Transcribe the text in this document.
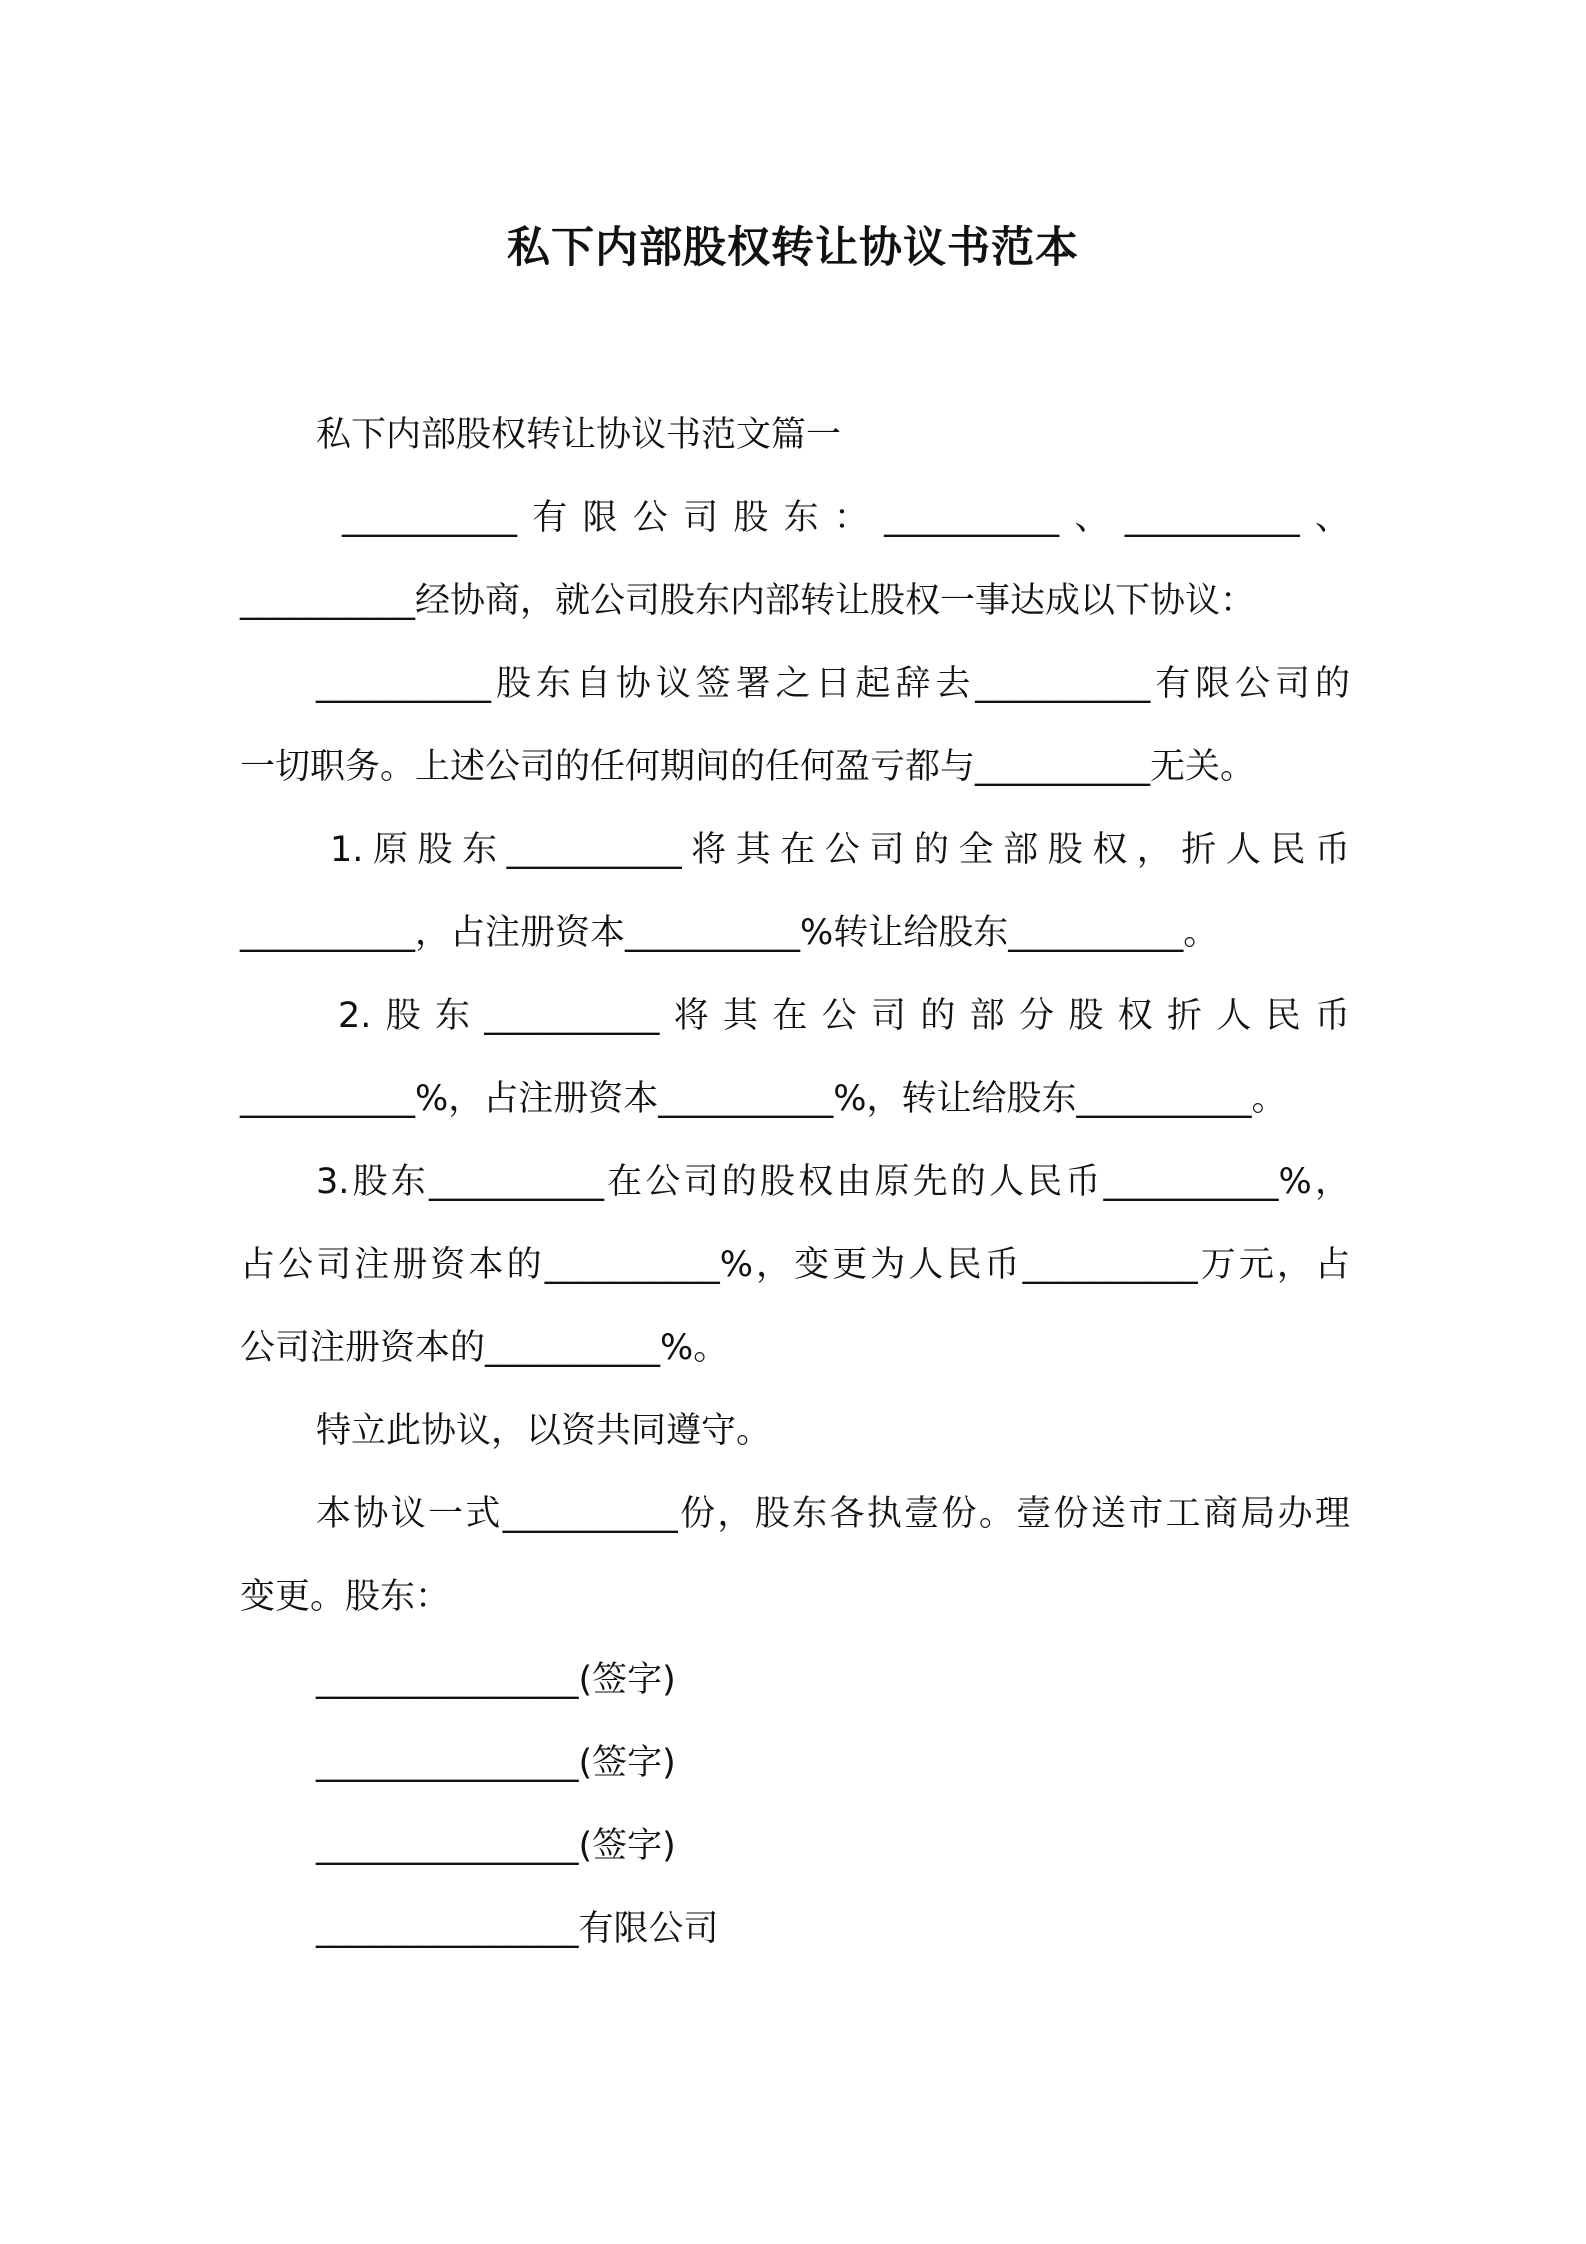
私下内部股权转让协议书范本
私下内部股权转让协议书范文篇一
__________有限公司股东：__________、__________、
__________经协商，就公司股东内部转让股权一事达成以下协议：
__________股东自协议签署之日起辞去__________有限公司的
一切职务。上述公司的任何期间的任何盈亏都与__________无关。
1.原股东__________将其在公司的全部股权，折人民币
__________，占注册资本__________%转让给股东__________。
2.股东__________将其在公司的部分股权折人民币
__________%，占注册资本__________%，转让给股东__________。
3.股东__________在公司的股权由原先的人民币__________%，
占公司注册资本的__________%，变更为人民币__________万元，占
公司注册资本的__________%。
特立此协议，以资共同遵守。
本协议一式__________份，股东各执壹份。壹份送市工商局办理
变更。股东：
_______________(签字)
_______________(签字)
_______________(签字)
_______________有限公司
